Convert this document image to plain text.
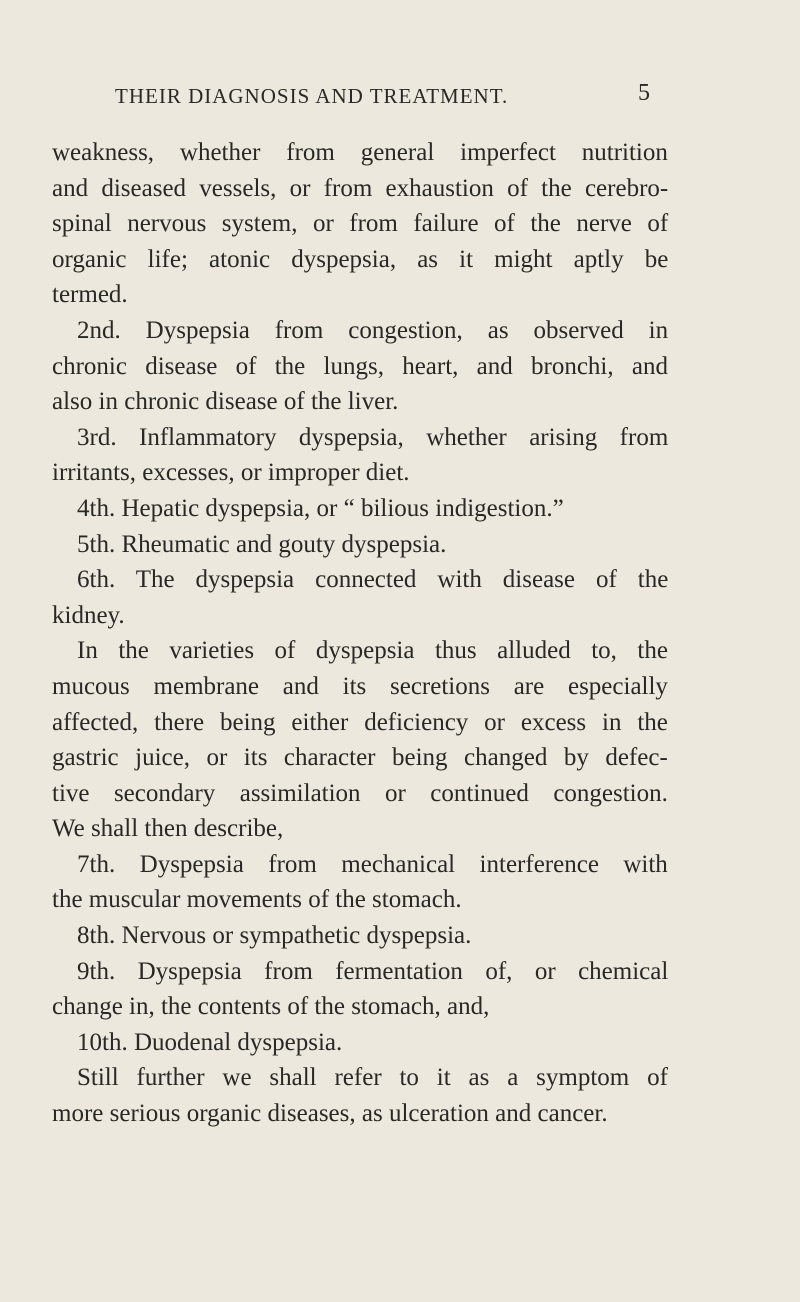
THEIR DIAGNOSIS AND TREATMENT.	5
weakness, whether from general imperfect nutrition
and diseased vessels, or from exhaustion of the cerebro-
spinal nervous system, or from failure of the nerve of
organic life; atonic dyspepsia, as it might aptly be
termed.
2nd. Dyspepsia from congestion, as observed in
chronic disease of the lungs, heart, and bronchi, and
also in chronic disease of the liver.
3rd. Inflammatory dyspepsia, whether arising from
irritants, excesses, or improper diet.
4th. Hepatic dyspepsia, or “ bilious indigestion.”
5th. Rheumatic and gouty dyspepsia.
6th. The dyspepsia connected with disease of the
kidney.
In the varieties of dyspepsia thus alluded to, the
mucous membrane and its secretions are especially
affected, there being either deficiency or excess in the
gastric juice, or its character being changed by defec-
tive secondary assimilation or continued congestion.
We shall then describe,
7th. Dyspepsia from mechanical interference with
the muscular movements of the stomach.
8th. Nervous or sympathetic dyspepsia.
9th. Dyspepsia from fermentation of, or chemical
change in, the contents of the stomach, and,
10th. Duodenal dyspepsia.
Still further we shall refer to it as a symptom of
more serious organic diseases, as ulceration and cancer.
